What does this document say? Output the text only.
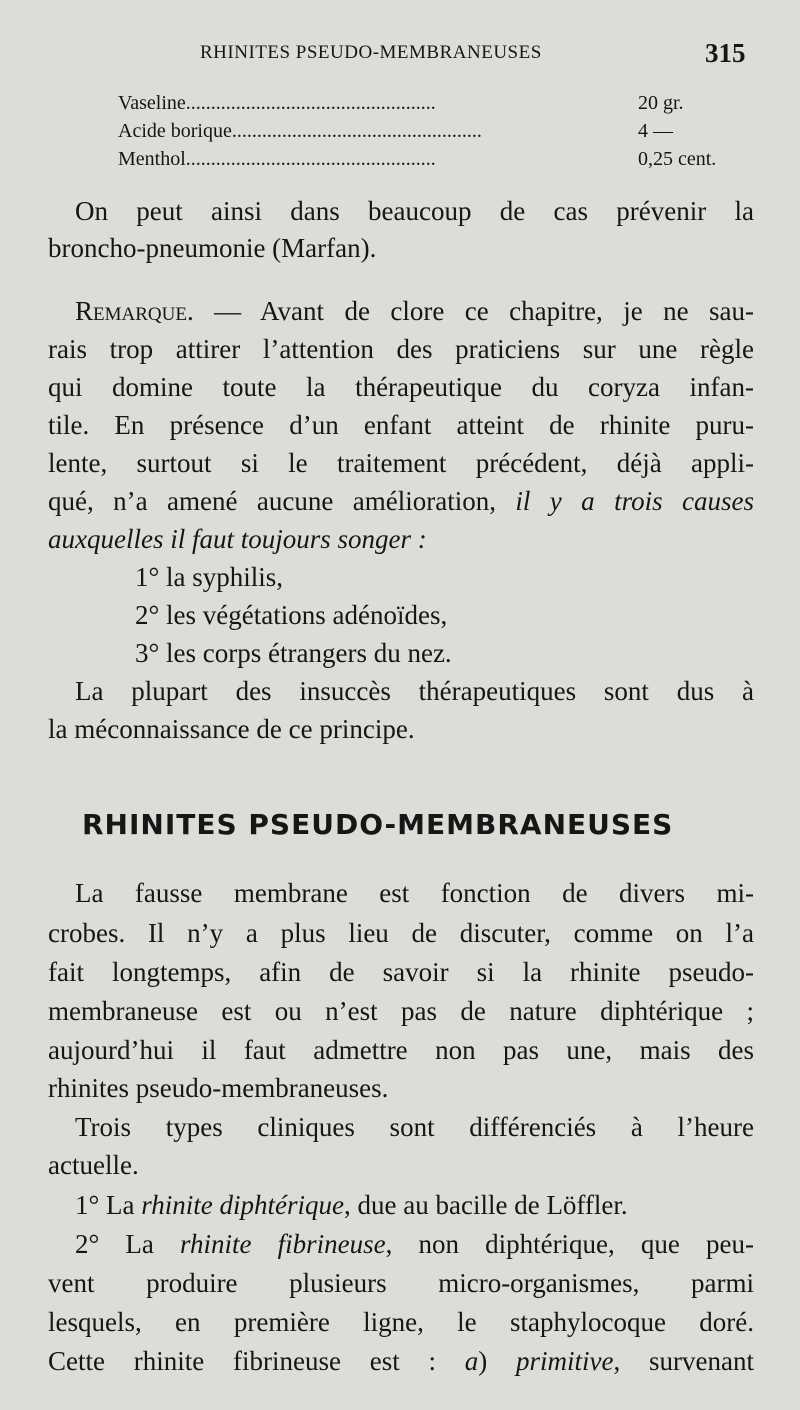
RHINITES PSEUDO-MEMBRANEUSES	315
Vaseline..................................................	20 gr.
Acide borique..................................................	4 —
Menthol..................................................	0,25 cent.
On peut ainsi dans beaucoup de cas prévenir la
broncho-pneumonie (Marfan).
Remarque. — Avant de clore ce chapitre, je ne sau-
rais trop attirer l’attention des praticiens sur une règle
qui domine toute la thérapeutique du coryza infan-
tile. En présence d’un enfant atteint de rhinite puru-
lente, surtout si le traitement précédent, déjà appli-
qué, n’a amené aucune amélioration, il y a trois causes
auxquelles il faut toujours songer :
1° la syphilis,
2° les végétations adénoïdes,
3° les corps étrangers du nez.
La plupart des insuccès thérapeutiques sont dus à
la méconnaissance de ce principe.
RHINITES PSEUDO-MEMBRANEUSES
La fausse membrane est fonction de divers mi-
crobes. Il n’y a plus lieu de discuter, comme on l’a
fait longtemps, afin de savoir si la rhinite pseudo-
membraneuse est ou n’est pas de nature diphtérique ;
aujourd’hui il faut admettre non pas une, mais des
rhinites pseudo-membraneuses.
Trois types cliniques sont différenciés à l’heure
actuelle.
1° La rhinite diphtérique, due au bacille de Löffler.
2° La rhinite fibrineuse, non diphtérique, que peu-
vent produire plusieurs micro-organismes, parmi
lesquels, en première ligne, le staphylocoque doré.
Cette rhinite fibrineuse est : a) primitive, survenant
